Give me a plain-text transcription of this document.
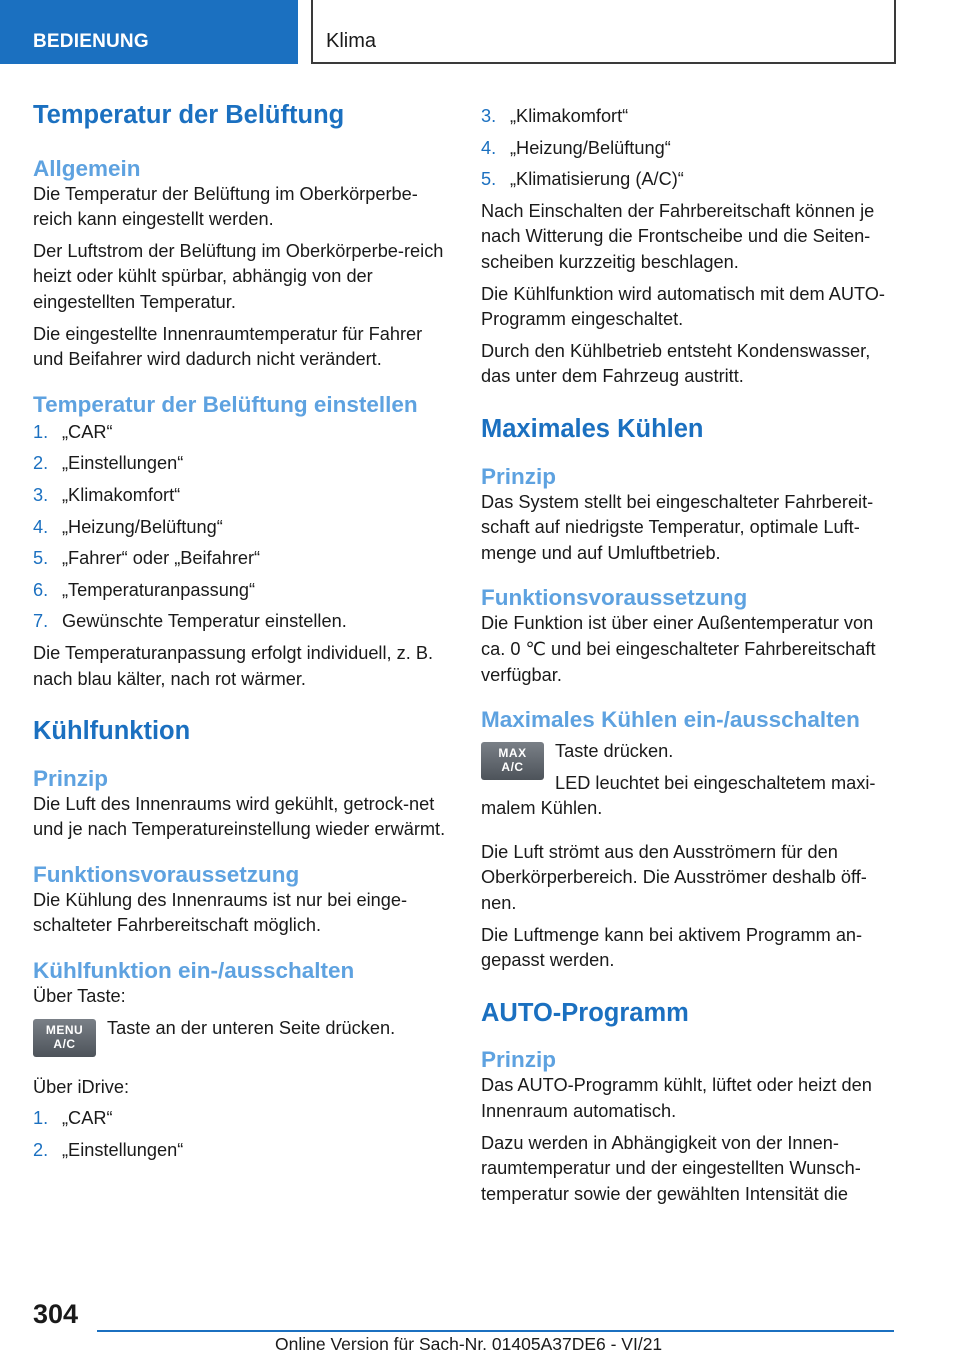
BEDIENUNG	Klima
Temperatur der Belüftung
Allgemein

Die Temperatur der Belüftung im Oberkörperbe-reich kann eingestellt werden.

Der Luftstrom der Belüftung im Oberkörperbe-reich heizt oder kühlt spürbar, abhängig von der eingestellten Temperatur.

Die eingestellte Innenraumtemperatur für Fahrer und Beifahrer wird dadurch nicht verändert.

Temperatur der Belüftung einstellen
1. „CAR“
2. „Einstellungen“
3. „Klimakomfort“
4. „Heizung/Belüftung“
5. „Fahrer“ oder „Beifahrer“
6. „Temperaturanpassung“
7. Gewünschte Temperatur einstellen.

Die Temperaturanpassung erfolgt individuell, z. B. nach blau kälter, nach rot wärmer.

Kühlfunktion
Prinzip

Die Luft des Innenraums wird gekühlt, getrock-net und je nach Temperatureinstellung wieder erwärmt.

Funktionsvoraussetzung

Die Kühlung des Innenraums ist nur bei einge-schalteter Fahrbereitschaft möglich.

Kühlfunktion ein-/ausschalten

Über Taste:

MENU
A/C

Taste an der unteren Seite drücken.

Über iDrive:

1. „CAR“
2. „Einstellungen“
3. „Klimakomfort“
4. „Heizung/Belüftung“
5. „Klimatisierung (A/C)“

Nach Einschalten der Fahrbereitschaft können je nach Witterung die Frontscheibe und die Seiten-scheiben kurzzeitig beschlagen.

Die Kühlfunktion wird automatisch mit dem AUTO-Programm eingeschaltet.

Durch den Kühlbetrieb entsteht Kondenswasser, das unter dem Fahrzeug austritt.

Maximales Kühlen
Prinzip

Das System stellt bei eingeschalteter Fahrbereit-schaft auf niedrigste Temperatur, optimale Luft-menge und auf Umluftbetrieb.

Funktionsvoraussetzung

Die Funktion ist über einer Außentemperatur von ca. 0 ℃ und bei eingeschalteter Fahrbereitschaft verfügbar.

Maximales Kühlen ein-/ausschalten
MAX
A/C

Taste drücken.

LED leuchtet bei eingeschaltetem maxi-

malem Kühlen.

Die Luft strömt aus den Ausströmern für den Oberkörperbereich. Die Ausströmer deshalb öff-nen.

Die Luftmenge kann bei aktivem Programm an-gepasst werden.

AUTO-Programm
Prinzip

Das AUTO-Programm kühlt, lüftet oder heizt den Innenraum automatisch.

Dazu werden in Abhängigkeit von der Innen-raumtemperatur und der eingestellten Wunsch-temperatur sowie der gewählten Intensität die

304
Online Version für Sach-Nr. 01405A37DE6 - VI/21
